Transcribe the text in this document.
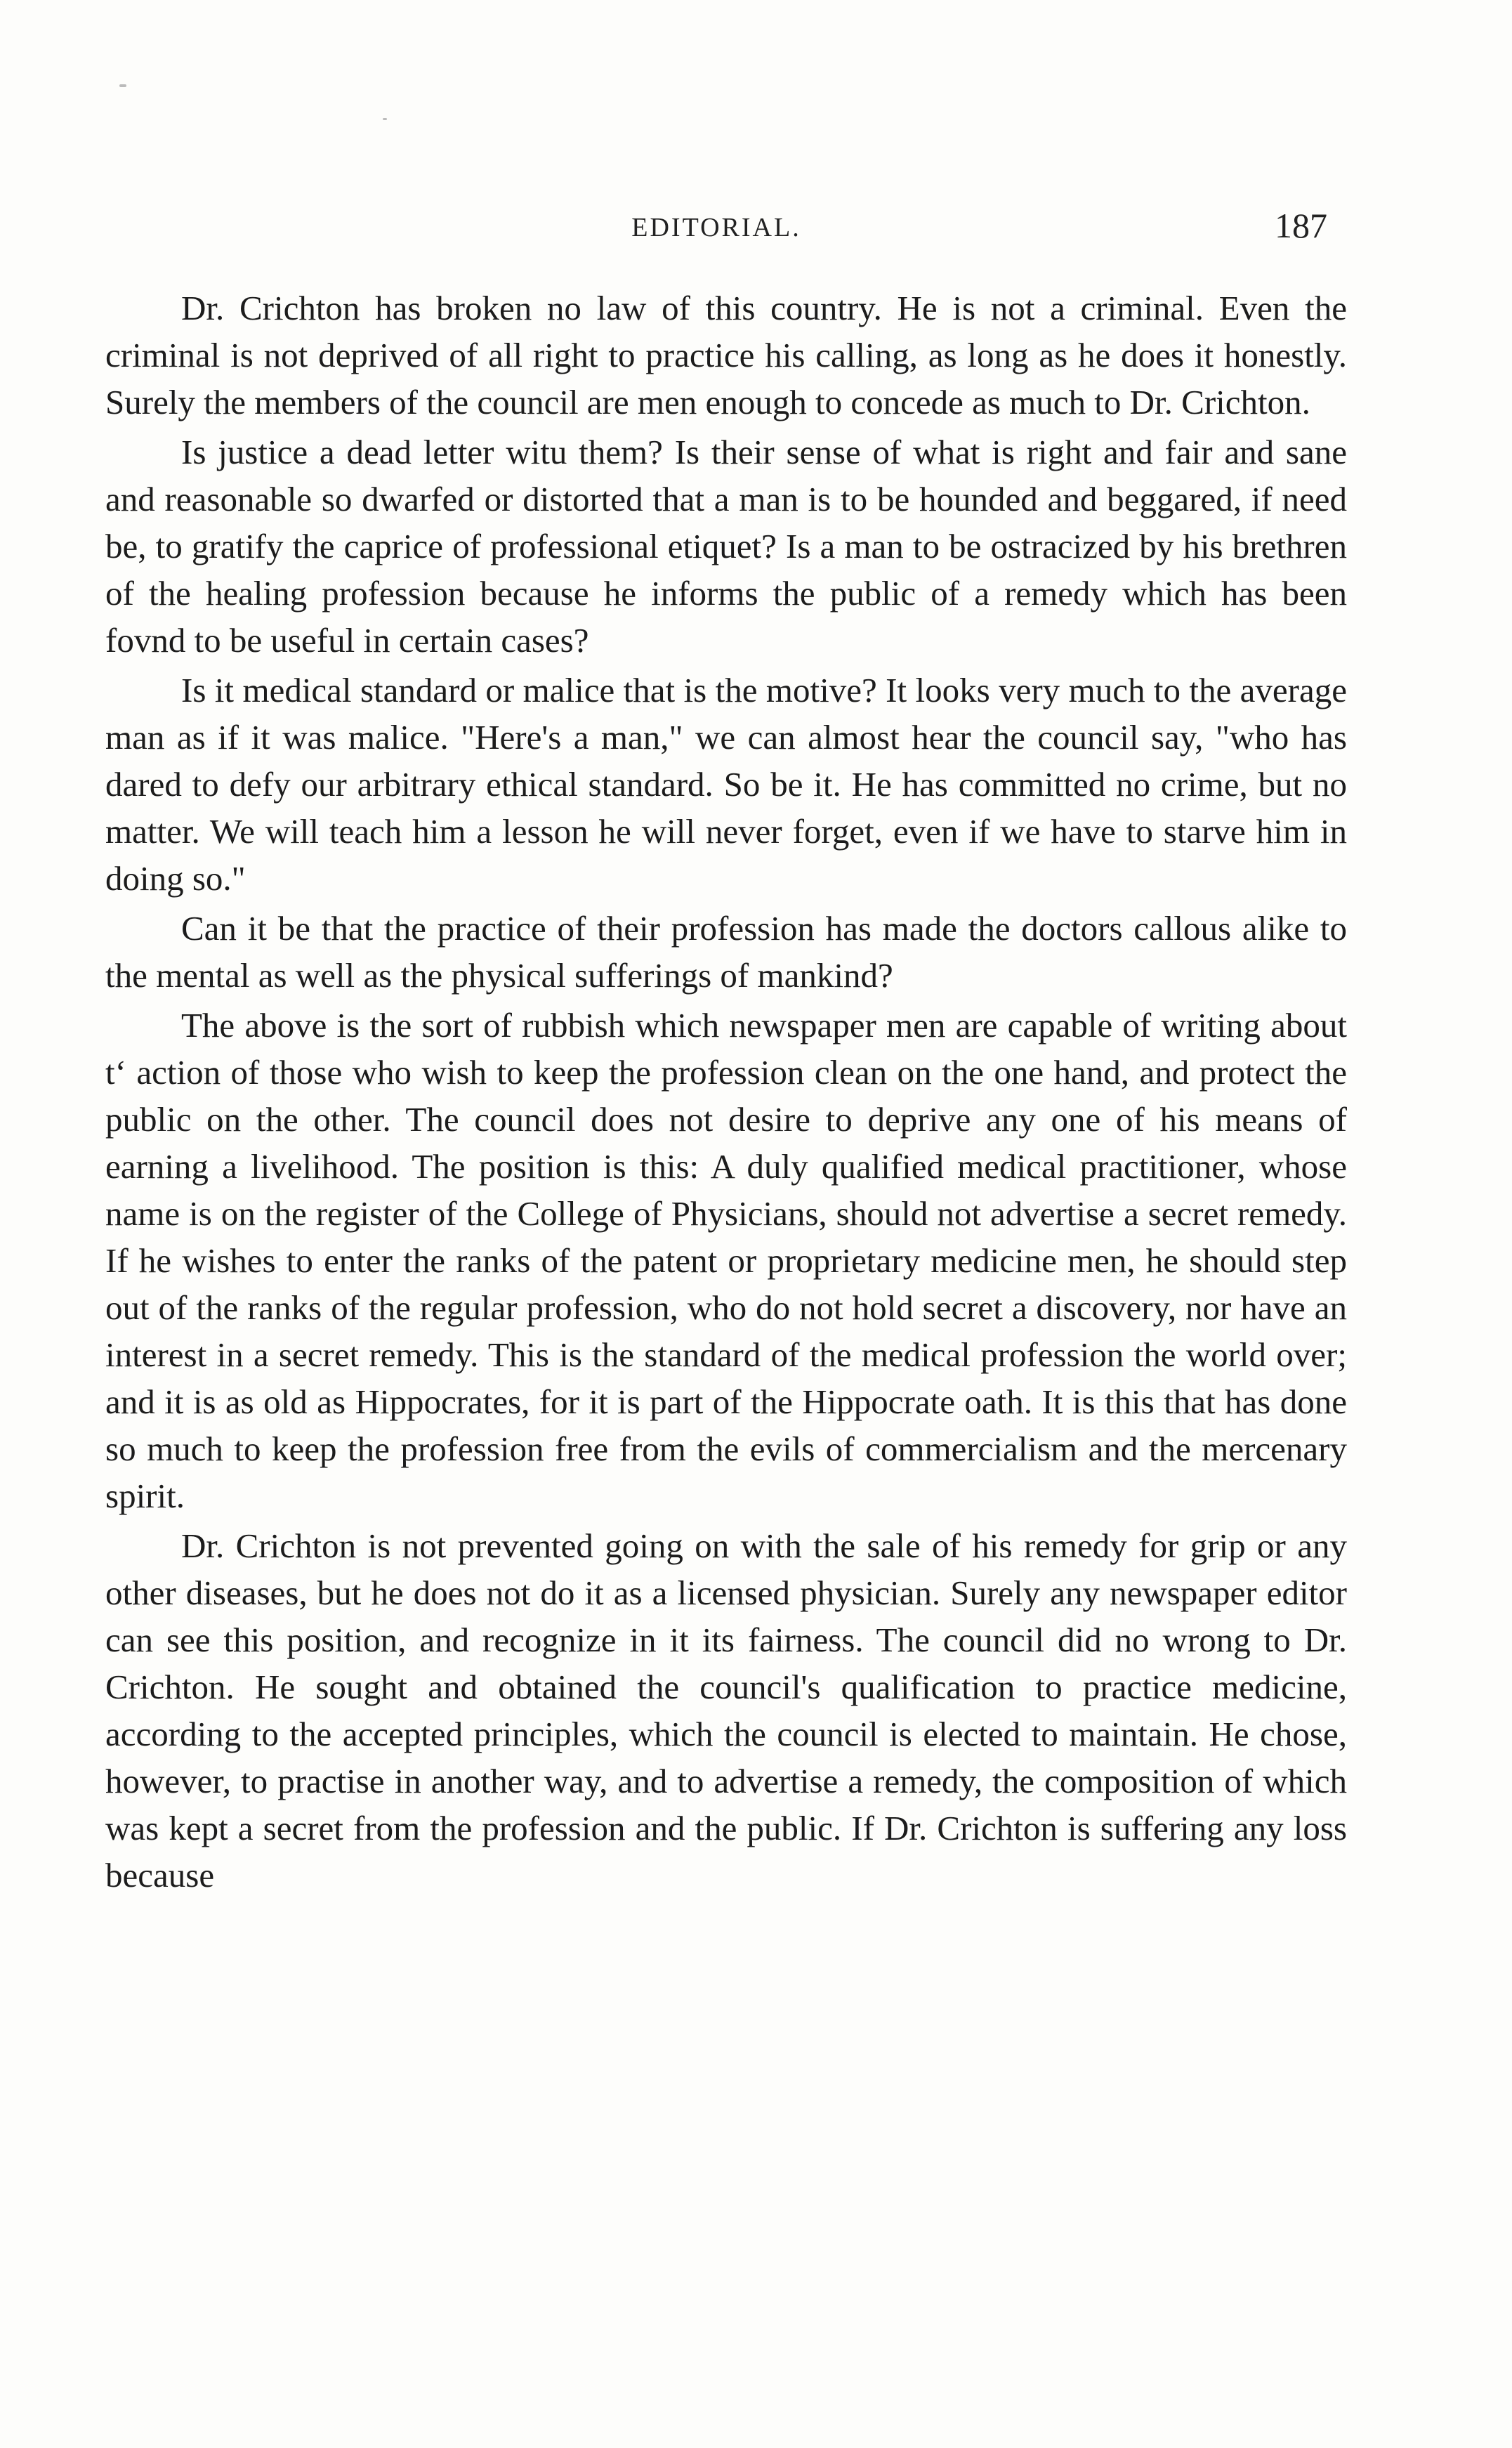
EDITORIAL.	187

Dr. Crichton has broken no law of this country. He is not a criminal. Even the criminal is not deprived of all right to practice his calling, as long as he does it honestly. Surely the members of the council are men enough to concede as much to Dr. Crichton.

Is justice a dead letter witu them? Is their sense of what is right and fair and sane and reasonable so dwarfed or distorted that a man is to be hounded and beggared, if need be, to gratify the caprice of professional etiquet? Is a man to be ostracized by his brethren of the healing profession because he informs the public of a remedy which has been fovnd to be useful in certain cases?

Is it medical standard or malice that is the motive? It looks very much to the average man as if it was malice. "Here's a man," we can almost hear the council say, "who has dared to defy our arbitrary ethical standard. So be it. He has committed no crime, but no matter. We will teach him a lesson he will never forget, even if we have to starve him in doing so."

Can it be that the practice of their profession has made the doctors callous alike to the mental as well as the physical sufferings of mankind?

The above is the sort of rubbish which newspaper men are capable of writing about tʻ action of those who wish to keep the profession clean on the one hand, and protect the public on the other. The council does not desire to deprive any one of his means of earning a livelihood. The position is this: A duly qualified medical practitioner, whose name is on the register of the College of Physicians, should not advertise a secret remedy. If he wishes to enter the ranks of the patent or proprietary medicine men, he should step out of the ranks of the regular profession, who do not hold secret a discovery, nor have an interest in a secret remedy. This is the standard of the medical profession the world over; and it is as old as Hippocrates, for it is part of the Hippocrate oath. It is this that has done so much to keep the profession free from the evils of commercialism and the mercenary spirit.

Dr. Crichton is not prevented going on with the sale of his remedy for grip or any other diseases, but he does not do it as a licensed physician. Surely any newspaper editor can see this position, and recognize in it its fairness. The council did no wrong to Dr. Crichton. He sought and obtained the council's qualification to practice medicine, according to the accepted principles, which the council is elected to maintain. He chose, however, to practise in another way, and to advertise a remedy, the composition of which was kept a secret from the profession and the public. If Dr. Crichton is suffering any loss because
